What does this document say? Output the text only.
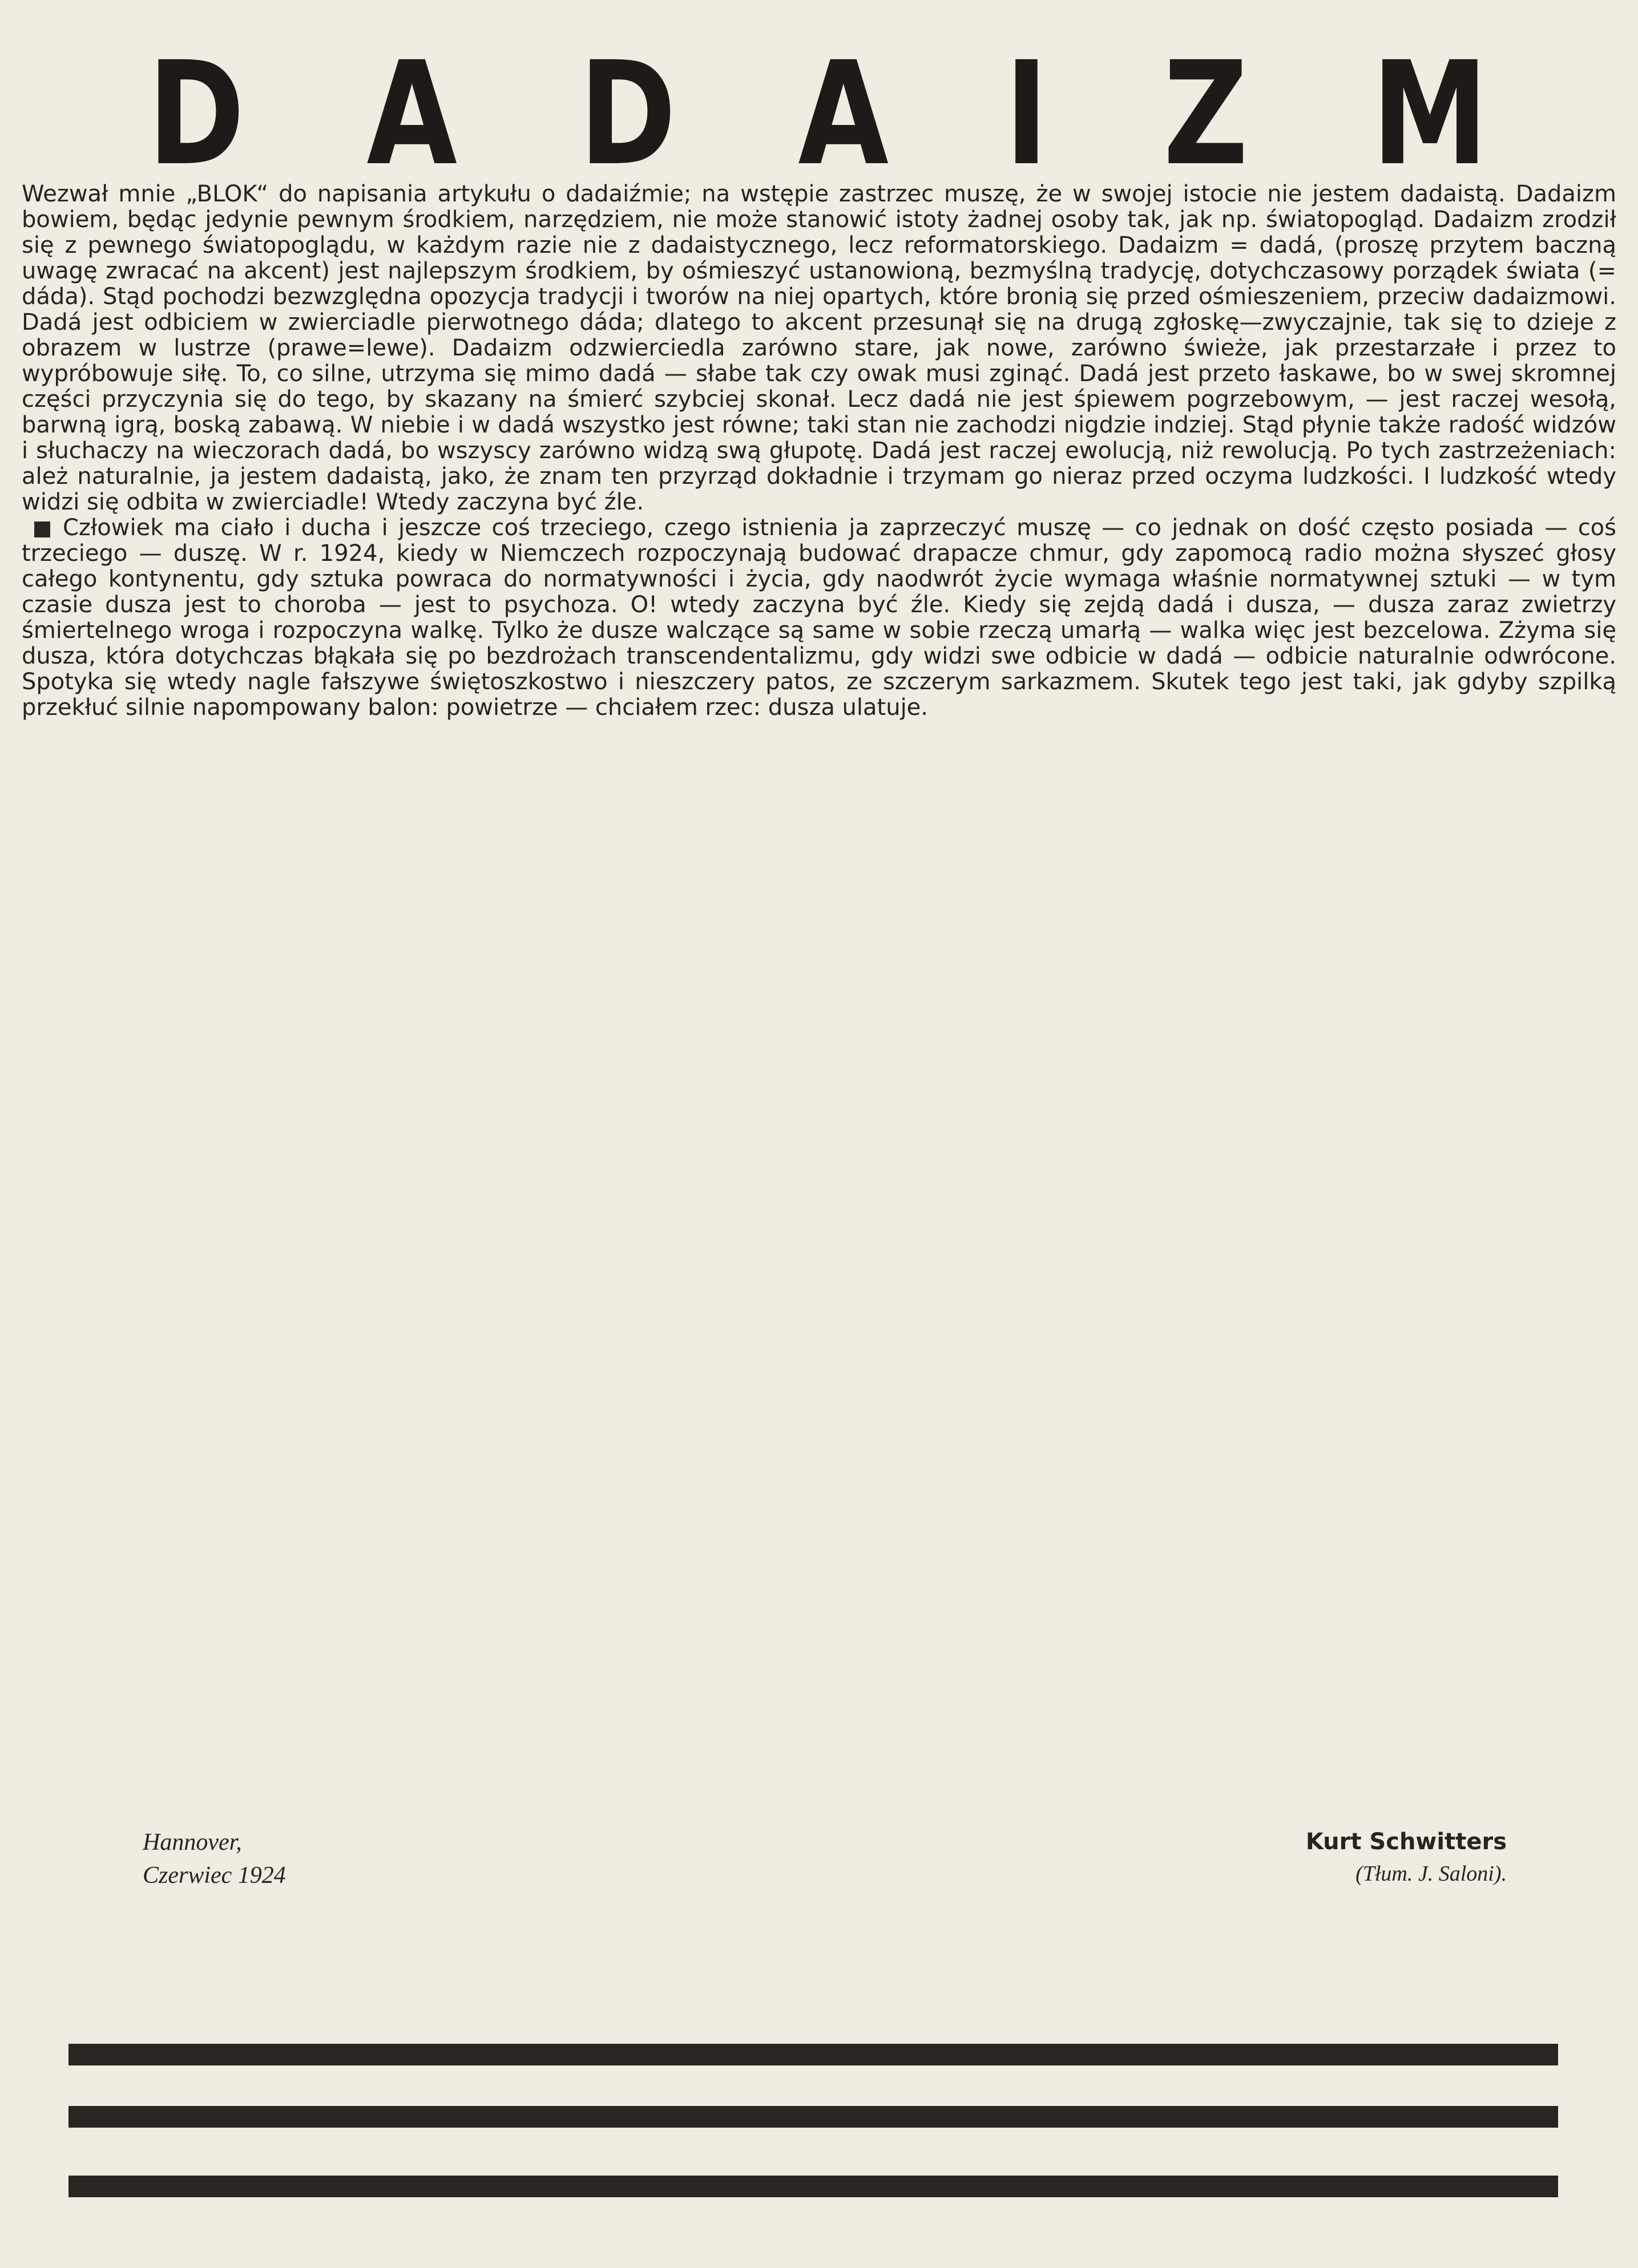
D A D A I Z M

Wezwał mnie „BLOK“ do napisania artykułu o dadaiźmie; na wstępie zastrzec muszę, że w swojej istocie nie jestem dadaistą. Dadaizm bowiem, będąc jedynie pewnym środkiem, narzędziem, nie może stanowić istoty żadnej osoby tak, jak np. światopogląd. Dadaizm zrodził się z pewnego światopoglądu, w każdym razie nie z dadaistycznego, lecz reformatorskiego. Dadaizm = dadá, (proszę przytem baczną uwagę zwracać na akcent) jest najlepszym środkiem, by ośmieszyć ustanowioną, bezmyślną tradycję, dotychczasowy porządek świata (= dáda). Stąd pochodzi bezwzględna opozycja tradycji i tworów na niej opartych, które bronią się przed ośmieszeniem, przeciw dadaizmowi. Dadá jest odbiciem w zwierciadle pierwotnego dáda; dlatego to akcent przesunął się na drugą zgłoskę—zwyczajnie, tak się to dzieje z obrazem w lustrze (prawe=lewe). Dadaizm odzwierciedla zarówno stare, jak nowe, zarówno świeże, jak przestarzałe i przez to wypróbowuje siłę. To, co silne, utrzyma się mimo dadá — słabe tak czy owak musi zginąć. Dadá jest przeto łaskawe, bo w swej skromnej części przyczynia się do tego, by skazany na śmierć szybciej skonał. Lecz dadá nie jest śpiewem pogrzebowym, — jest raczej wesołą, barwną igrą, boską zabawą. W niebie i w dadá wszystko jest równe; taki stan nie zachodzi nigdzie indziej. Stąd płynie także radość widzów i słuchaczy na wieczorach dadá, bo wszyscy zarówno widzą swą głupotę. Dadá jest raczej ewolucją, niż rewolucją. Po tych zastrzeżeniach: ależ naturalnie, ja jestem dadaistą, jako, że znam ten przyrząd dokładnie i trzymam go nieraz przed oczyma ludzkości. I ludzkość wtedy widzi się odbita w zwierciadle! Wtedy zaczyna być źle.

Człowiek ma ciało i ducha i jeszcze coś trzeciego, czego istnienia ja zaprzeczyć muszę — co jednak on dość często posiada — coś trzeciego — duszę. W r. 1924, kiedy w Niemczech rozpoczynają budować drapacze chmur, gdy zapomocą radio można słyszeć głosy całego kontynentu, gdy sztuka powraca do normatywności i życia, gdy naodwrót życie wymaga właśnie normatywnej sztuki — w tym czasie dusza jest to choroba — jest to psychoza. O! wtedy zaczyna być źle. Kiedy się zejdą dadá i dusza, — dusza zaraz zwietrzy śmiertelnego wroga i rozpoczyna walkę. Tylko że dusze walczące są same w sobie rzeczą umarłą — walka więc jest bezcelowa. Zżyma się dusza, która dotychczas błąkała się po bezdrożach transcendentalizmu, gdy widzi swe odbicie w dadá — odbicie naturalnie odwrócone. Spotyka się wtedy nagle fałszywe świętoszkostwo i nieszczery patos, ze szczerym sarkazmem. Skutek tego jest taki, jak gdyby szpilką przekłuć silnie napompowany balon: powietrze — chciałem rzec: dusza ulatuje.

Hannover,
Czerwiec 1924
Kurt Schwitters
(Tłum. J. Saloni).
